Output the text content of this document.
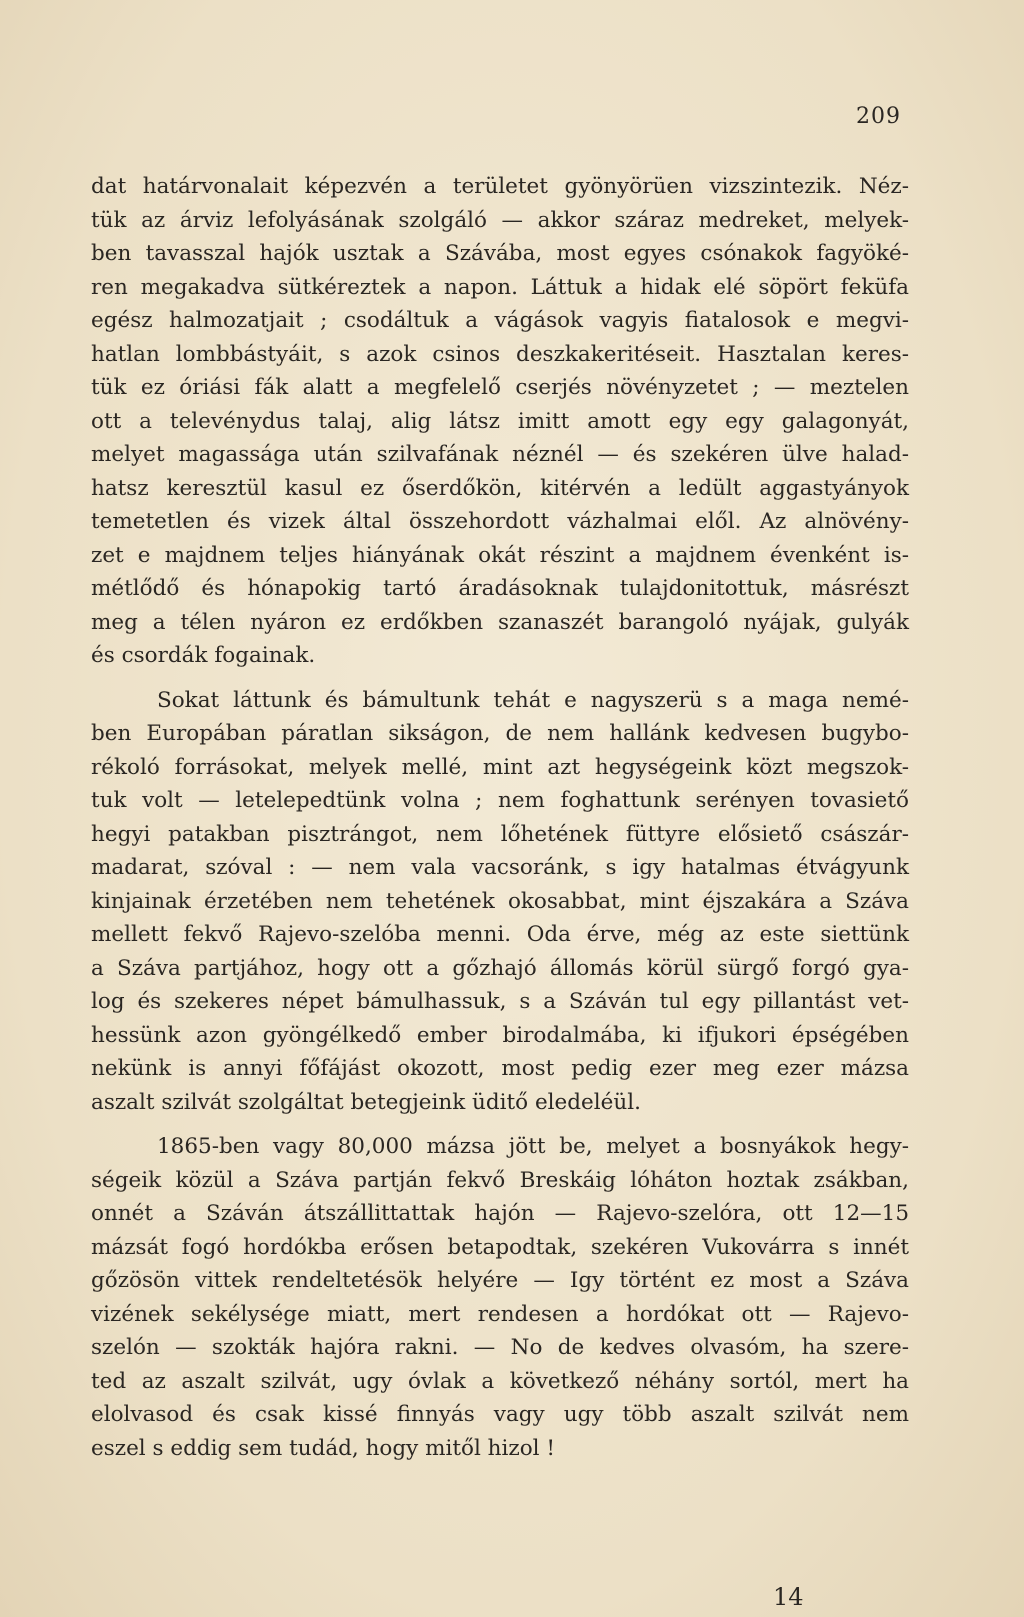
209
dat határvonalait képezvén a területet gyönyörüen vizszintezik. Néz-
tük az árviz lefolyásának szolgáló — akkor száraz medreket, melyek-
ben tavasszal hajók usztak a Szávába, most egyes csónakok fagyöké-
ren megakadva sütkéreztek a napon. Láttuk a hidak elé söpört feküfa
egész halmozatjait ; csodáltuk a vágások vagyis fiatalosok e megvi-
hatlan lombbástyáit, s azok csinos deszkakeritéseit. Hasztalan keres-
tük ez óriási fák alatt a megfelelő cserjés növényzetet ; — meztelen
ott a televénydus talaj, alig látsz imitt amott egy egy galagonyát,
melyet magassága után szilvafának néznél — és szekéren ülve halad-
hatsz keresztül kasul ez őserdőkön, kitérvén a ledült aggastyányok
temetetlen és vizek által összehordott vázhalmai elől. Az alnövény-
zet e majdnem teljes hiányának okát részint a majdnem évenként is-
métlődő és hónapokig tartó áradásoknak tulajdonitottuk, másrészt
meg a télen nyáron ez erdőkben szanaszét barangoló nyájak, gulyák
és csordák fogainak.
Sokat láttunk és bámultunk tehát e nagyszerü s a maga nemé-
ben Europában páratlan sikságon, de nem hallánk kedvesen bugybo-
rékoló forrásokat, melyek mellé, mint azt hegységeink közt megszok-
tuk volt — letelepedtünk volna ; nem foghattunk serényen tovasiető
hegyi patakban pisztrángot, nem lőhetének füttyre elősiető császár-
madarat, szóval : — nem vala vacsoránk, s igy hatalmas étvágyunk
kinjainak érzetében nem tehetének okosabbat, mint éjszakára a Száva
mellett fekvő Rajevo-szelóba menni. Oda érve, még az este siettünk
a Száva partjához, hogy ott a gőzhajó állomás körül sürgő forgó gya-
log és szekeres népet bámulhassuk, s a Száván tul egy pillantást vet-
hessünk azon gyöngélkedő ember birodalmába, ki ifjukori épségében
nekünk is annyi főfájást okozott, most pedig ezer meg ezer mázsa
aszalt szilvát szolgáltat betegjeink üditő eledeléül.
1865-ben vagy 80,000 mázsa jött be, melyet a bosnyákok hegy-
ségeik közül a Száva partján fekvő Breskáig lóháton hoztak zsákban,
onnét a Száván átszállittattak hajón — Rajevo-szelóra, ott 12—15
mázsát fogó hordókba erősen betapodtak, szekéren Vukovárra s innét
gőzösön vittek rendeltetésök helyére — Igy történt ez most a Száva
vizének sekélysége miatt, mert rendesen a hordókat ott — Rajevo-
szelón — szokták hajóra rakni. — No de kedves olvasóm, ha szere-
ted az aszalt szilvát, ugy óvlak a következő néhány sortól, mert ha
elolvasod és csak kissé finnyás vagy ugy több aszalt szilvát nem
eszel s eddig sem tudád, hogy mitől hizol !
14
